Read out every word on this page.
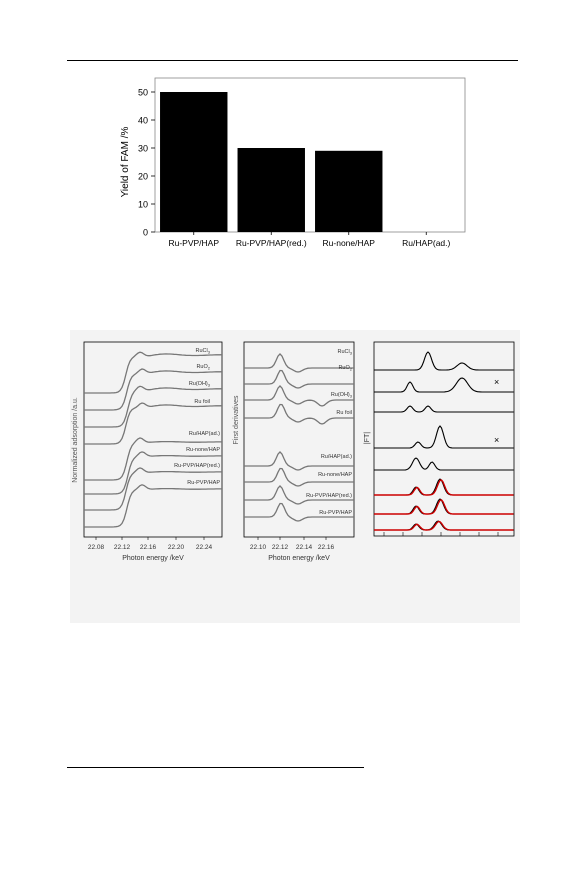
0
10
20
30
40
50
Ru-PVP/HAP Ru-PVP/HAP(red.) Ru-none/HAP	Ru/HAP(ad.)
Yield of FAM /%
RuCl$_3$
RuO$_2$
$Ru(OH)_3$
Ru foil
Ru/HAP(ad.)
Ru-none/HAP
Ru-PVP/HAP(red.)
Ru-PVP/HAP
22.08 22.12 22.16 22.20 22.24
Normalized adsorption /a.u.
Photon energy /keV
RuCl$_3$
RuO$_2$
$Ru(OH)_3$
Ru foil
Ru/HAP(ad.)
Ru-none/HAP
Ru-PVP/HAP(red.)
Ru-PVP/HAP
22.10 22.12 22.14 22.16
First derivatives
Photon energy /keV
|FT|
×
×
